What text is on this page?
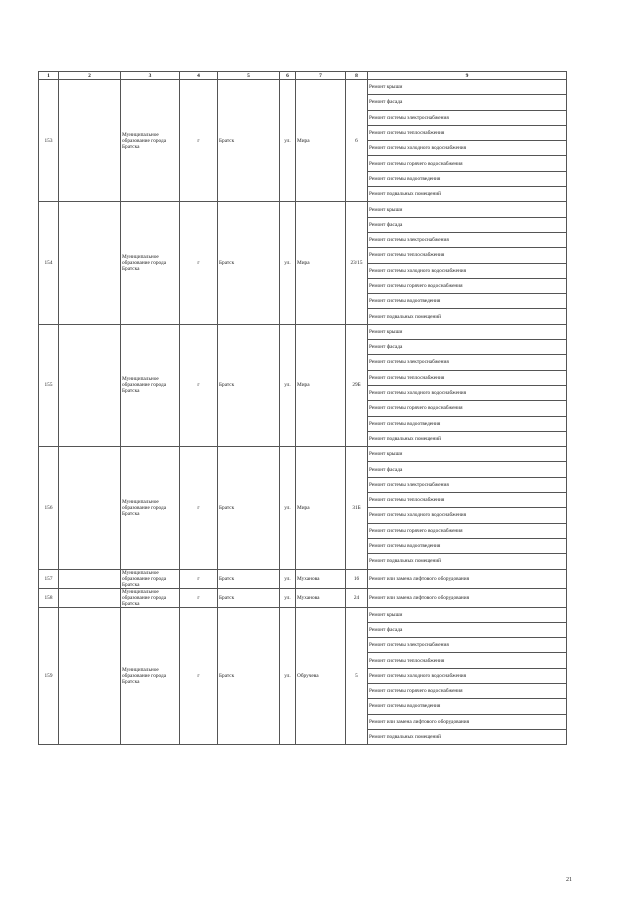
1	2	3	4	5	6	7	8	9
153		Муниципальное образование города Братска	г	Братск	ул.	Мира	6	Ремонт крыши
								Ремонт фасада
								Ремонт системы электроснабжения
								Ремонт системы теплоснабжения
								Ремонт системы холодного водоснабжения
								Ремонт системы горячего водоснабжения
								Ремонт системы водоотведения
								Ремонт подвальных помещений
154		Муниципальное образование города Братска	г	Братск	ул.	Мира	23/15	Ремонт крыши
								Ремонт фасада
								Ремонт системы электроснабжения
								Ремонт системы теплоснабжения
								Ремонт системы холодного водоснабжения
								Ремонт системы горячего водоснабжения
								Ремонт системы водоотведения
								Ремонт подвальных помещений
155		Муниципальное образование города Братска	г	Братск	ул.	Мира	29Б	Ремонт крыши
								Ремонт фасада
								Ремонт системы электроснабжения
								Ремонт системы теплоснабжения
								Ремонт системы холодного водоснабжения
								Ремонт системы горячего водоснабжения
								Ремонт системы водоотведения
								Ремонт подвальных помещений
156		Муниципальное образование города Братска	г	Братск	ул.	Мира	31Б	Ремонт крыши
								Ремонт фасада
								Ремонт системы электроснабжения
								Ремонт системы теплоснабжения
								Ремонт системы холодного водоснабжения
								Ремонт системы горячего водоснабжения
								Ремонт системы водоотведения
								Ремонт подвальных помещений
157		Муниципальное образование города Братска	г	Братск	ул.	Муханова	16	Ремонт или замена лифтового оборудования
158		Муниципальное образование города Братска	г	Братск	ул.	Муханова	24	Ремонт или замена лифтового оборудования
159		Муниципальное образование города Братска	г	Братск	ул.	Обручева	5	Ремонт крыши
								Ремонт фасада
								Ремонт системы электроснабжения
								Ремонт системы теплоснабжения
								Ремонт системы холодного водоснабжения
								Ремонт системы горячего водоснабжения
								Ремонт системы водоотведения
								Ремонт или замена лифтового оборудования
								Ремонт подвальных помещений
21
